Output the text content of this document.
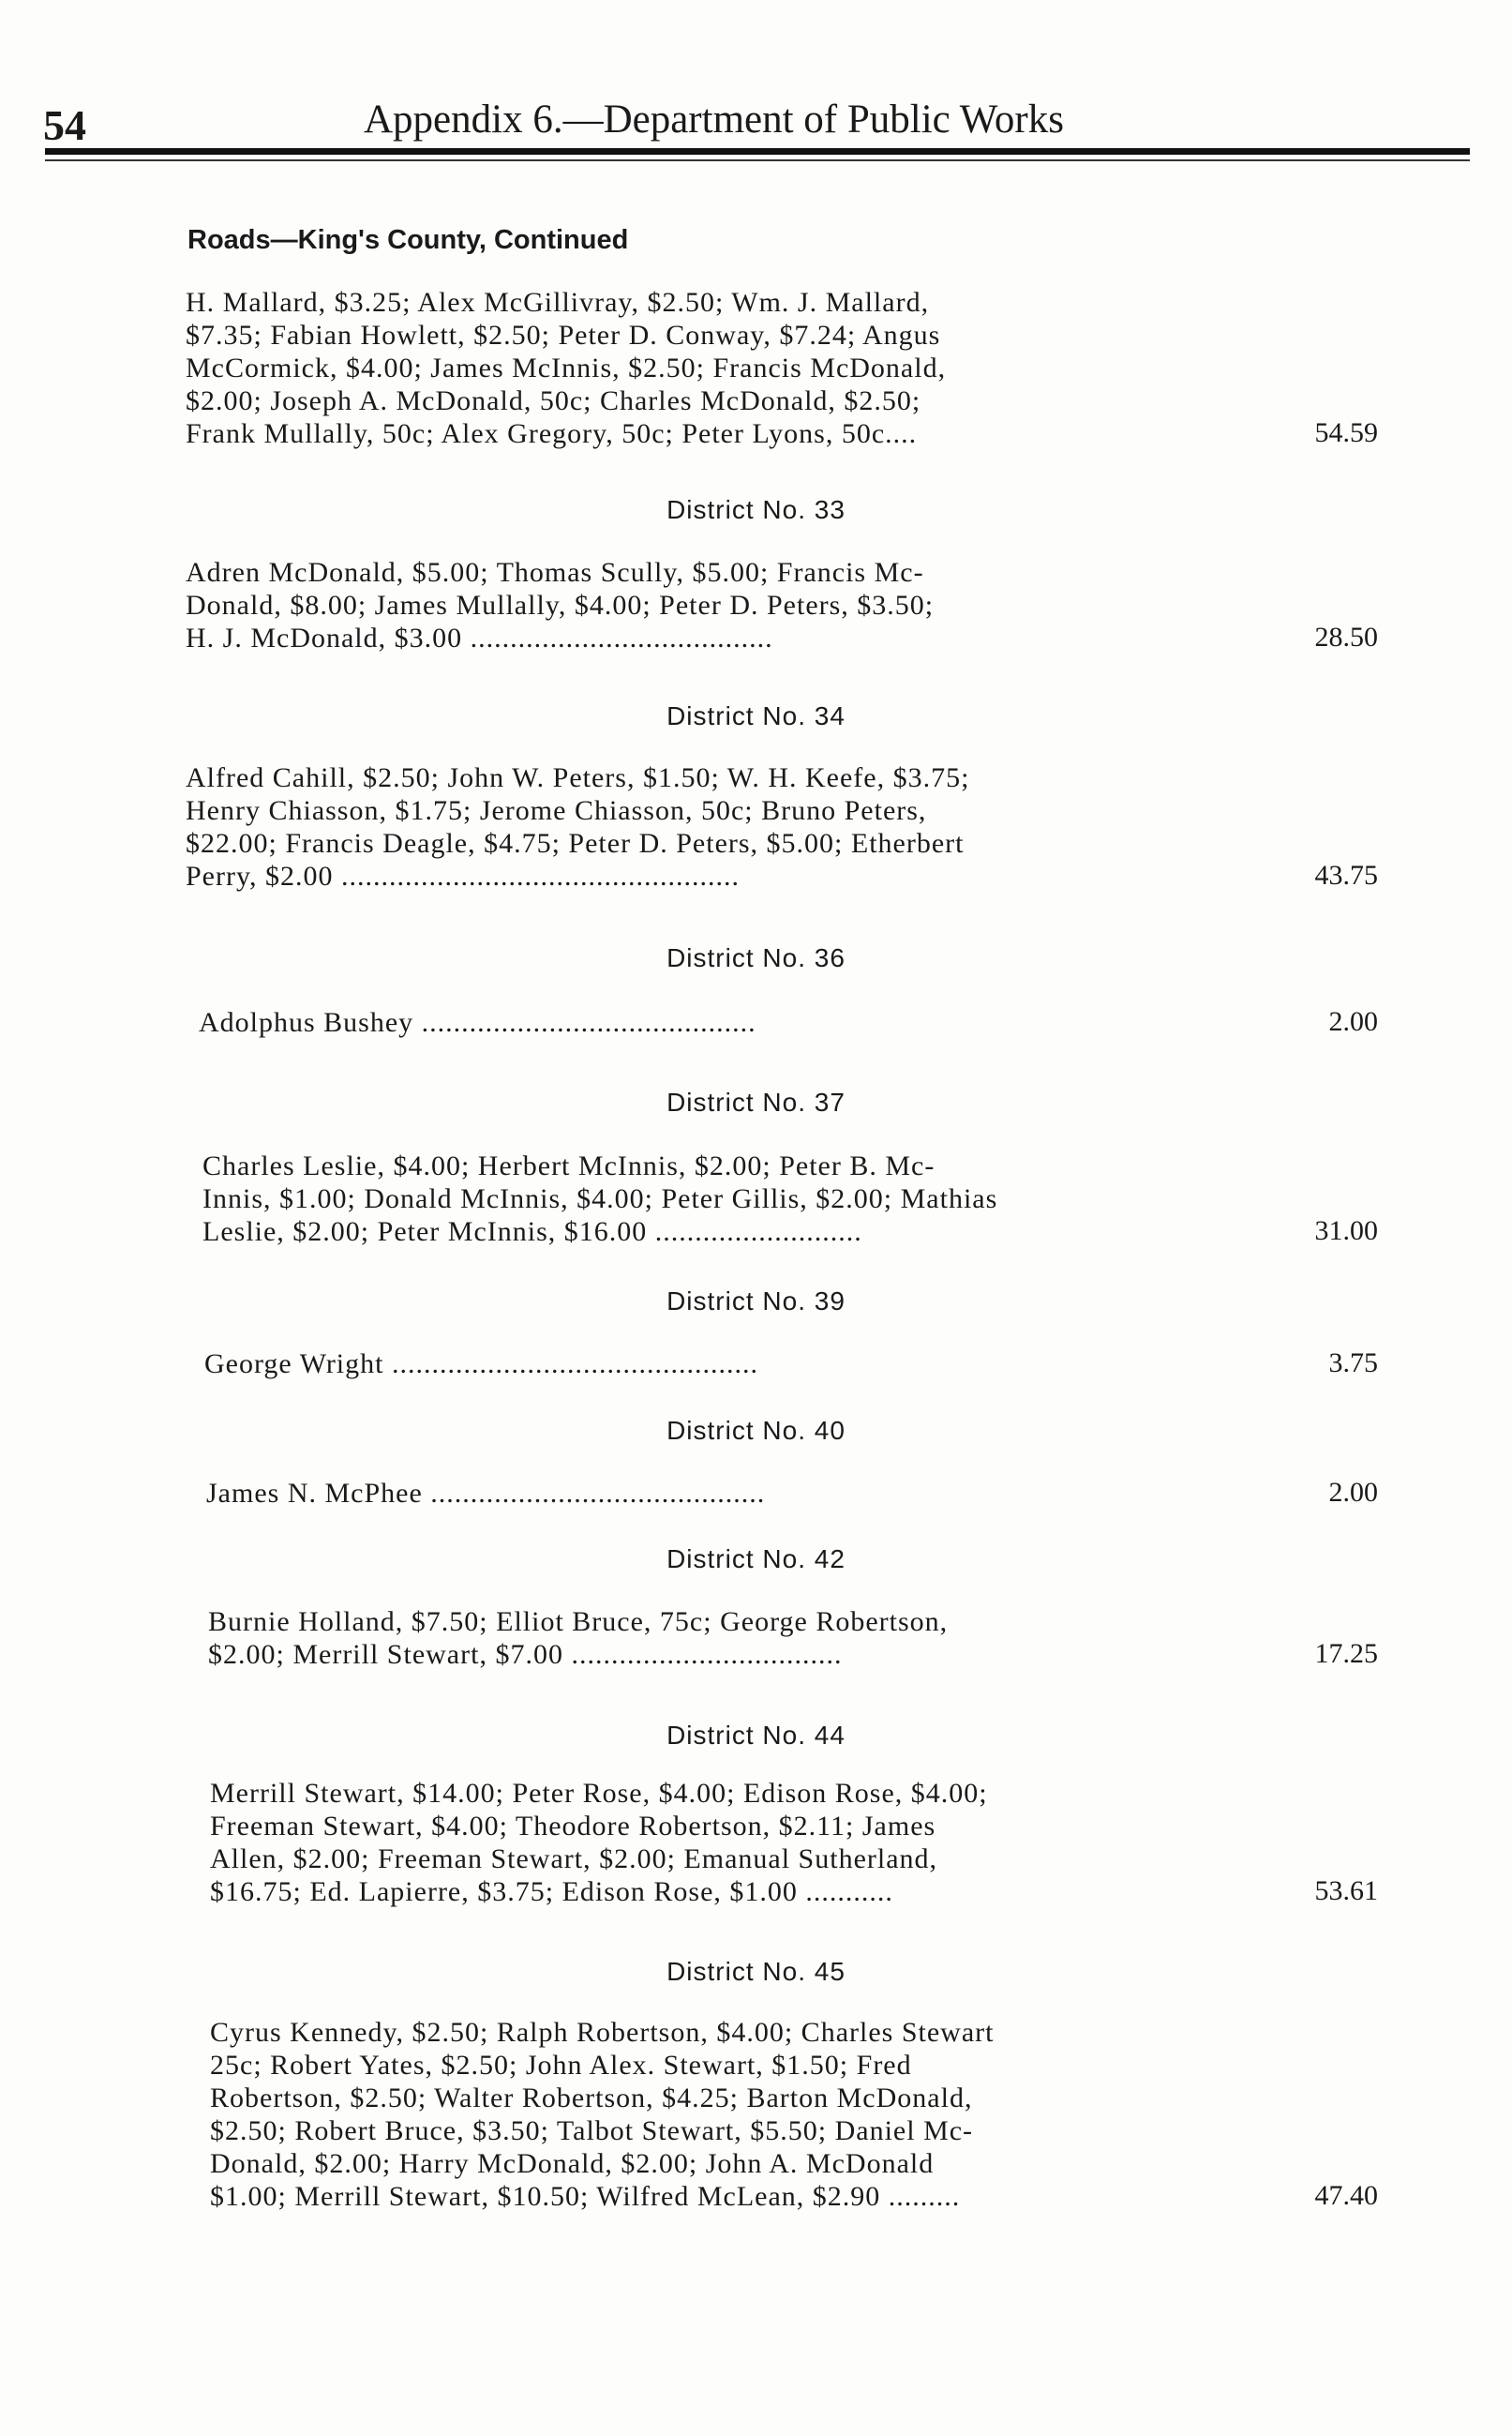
54	Appendix 6.—Department of Public Works
Roads—King's County, Continued
H. Mallard, $3.25; Alex McGillivray, $2.50; Wm. J. Mallard,
$7.35; Fabian Howlett, $2.50; Peter D. Conway, $7.24; Angus
McCormick, $4.00; James McInnis, $2.50; Francis McDonald,
$2.00; Joseph A. McDonald, 50c; Charles McDonald, $2.50;
Frank Mullally, 50c; Alex Gregory, 50c; Peter Lyons, 50c....	54.59
District No. 33
Adren McDonald, $5.00; Thomas Scully, $5.00; Francis Mc-
Donald, $8.00; James Mullally, $4.00; Peter D. Peters, $3.50;
H. J. McDonald, $3.00 ......................................	28.50
District No. 34
Alfred Cahill, $2.50; John W. Peters, $1.50; W. H. Keefe, $3.75;
Henry Chiasson, $1.75; Jerome Chiasson, 50c; Bruno Peters,
$22.00; Francis Deagle, $4.75; Peter D. Peters, $5.00; Etherbert
Perry, $2.00 ..................................................	43.75
District No. 36
Adolphus Bushey ..........................................	2.00
District No. 37
Charles Leslie, $4.00; Herbert McInnis, $2.00; Peter B. Mc-
Innis, $1.00; Donald McInnis, $4.00; Peter Gillis, $2.00; Mathias
Leslie, $2.00; Peter McInnis, $16.00 ..........................	31.00
District No. 39
George Wright ..............................................	3.75
District No. 40
James N. McPhee ..........................................	2.00
District No. 42
Burnie Holland, $7.50; Elliot Bruce, 75c; George Robertson,
$2.00; Merrill Stewart, $7.00 ..................................	17.25
District No. 44
Merrill Stewart, $14.00; Peter Rose, $4.00; Edison Rose, $4.00;
Freeman Stewart, $4.00; Theodore Robertson, $2.11; James
Allen, $2.00; Freeman Stewart, $2.00; Emanual Sutherland,
$16.75; Ed. Lapierre, $3.75; Edison Rose, $1.00 ...........	53.61
District No. 45
Cyrus Kennedy, $2.50; Ralph Robertson, $4.00; Charles Stewart
25c; Robert Yates, $2.50; John Alex. Stewart, $1.50; Fred
Robertson, $2.50; Walter Robertson, $4.25; Barton McDonald,
$2.50; Robert Bruce, $3.50; Talbot Stewart, $5.50; Daniel Mc-
Donald, $2.00; Harry McDonald, $2.00; John A. McDonald
$1.00; Merrill Stewart, $10.50; Wilfred McLean, $2.90 .........	47.40
